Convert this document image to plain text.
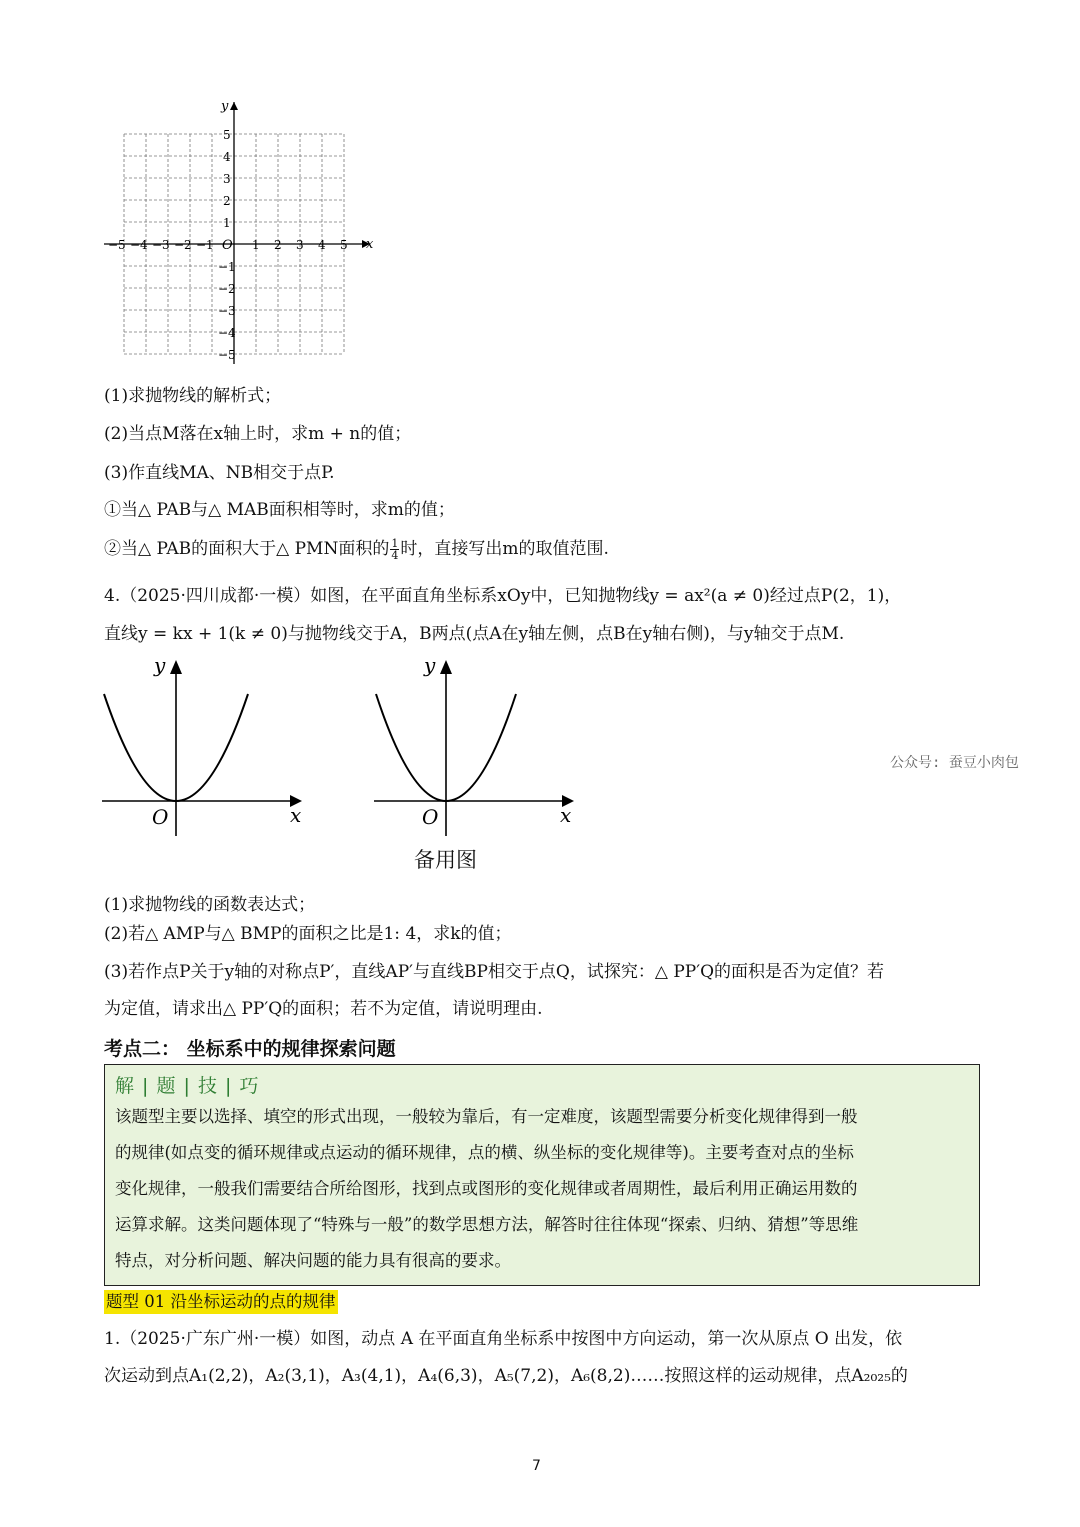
x
y
O
−5 −4 −3 −2 −1	1 2 3 4 5
5
4
3
2
1
−1
−2
−3
−4
−5
(1)求抛物线的解析式；
(2)当点M落在x轴上时，求m + n的值；
(3)作直线MA、NB相交于点P.
①当△ PAB与△ MAB面积相等时，求m的值；
②当△ PAB的面积大于△ PMN面积的 $\frac{1}{4}$ 时，直接写出m的取值范围.
4.（2025·四川成都·一模）如图，在平面直角坐标系xOy中，已知抛物线y = ax²(a ≠ 0)经过点P(2，1)，
直线y = kx + 1(k ≠ 0)与抛物线交于A，B两点(点A在y轴左侧，点B在y轴右侧)，与y轴交于点M.
y
x
O
y
x
O
备用图
公众号: 蚕豆小肉包
(1)求抛物线的函数表达式；
(2)若△ AMP与△ BMP的面积之比是1: 4，求k的值；
(3)若作点P关于y轴的对称点P′，直线AP′与直线BP相交于点Q，试探究：△ PP′Q的面积是否为定值？若
为定值，请求出△ PP′Q的面积；若不为定值，请说明理由.
考点二： 坐标系中的规律探索问题
解 | 题 | 技 | 巧
该题型主要以选择、填空的形式出现，一般较为靠后，有一定难度，该题型需要分析变化规律得到一般
的规律(如点变的循环规律或点运动的循环规律，点的横、纵坐标的变化规律等)。主要考查对点的坐标
变化规律，一般我们需要结合所给图形，找到点或图形的变化规律或者周期性，最后利用正确运用数的
运算求解。这类问题体现了“特殊与一般”的数学思想方法，解答时往往体现“探索、归纳、猜想”等思维
特点，对分析问题、解决问题的能力具有很高的要求。
题型 01 沿坐标运动的点的规律
1.（2025·广东广州·一模）如图，动点 A 在平面直角坐标系中按图中方向运动，第一次从原点 O 出发，依
次运动到点A₁(2,2)，A₂(3,1)，A₃(4,1)，A₄(6,3)，A₅(7,2)，A₆(8,2)……按照这样的运动规律，点A₂₀₂₅的
7
